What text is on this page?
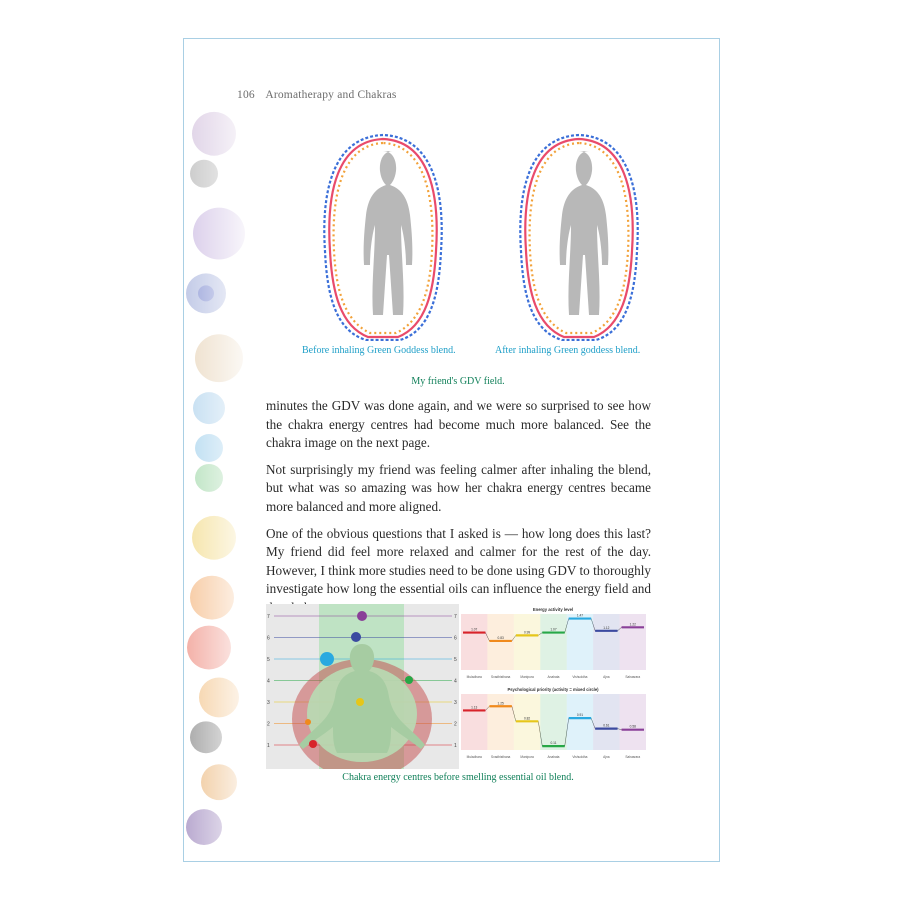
106 Aromatherapy and Chakras
Before inhaling Green Goddess blend.	After inhaling Green goddess blend.
My friend's GDV field.

minutes the GDV was done again, and we were so surprised to see how the chakra energy centres had become much more balanced. See the chakra image on the next page.

Not surprisingly my friend was feeling calmer after inhaling the blend, but what was so amazing was how her chakra energy centres became more balanced and more aligned.

One of the obvious questions that I asked is — how long does this last? My friend did feel more relaxed and calmer for the rest of the day. However, I think more studies need to be done using GDV to thoroughly investigate how long the essential oils can influence the energy field and

7	7
6	6
5	5
4	4
3	3
2	2
1	1
Energy activity level
Muladhara	Svadhisthana	Manipura	Anahata	Vishuddha	Ajna	Sahasrara
1.07
0.83
0.99
1.07
1.47
1.12
1.22
Psychological priority (activity = mixed circle)
Muladhara	Svadhisthana	Manipura	Anahata	Vishuddha	Ajna	Sahasrara
1.13
1.25
0.82
0.11
0.91
0.61	0.58
Chakra energy centres before smelling essential oil blend.
